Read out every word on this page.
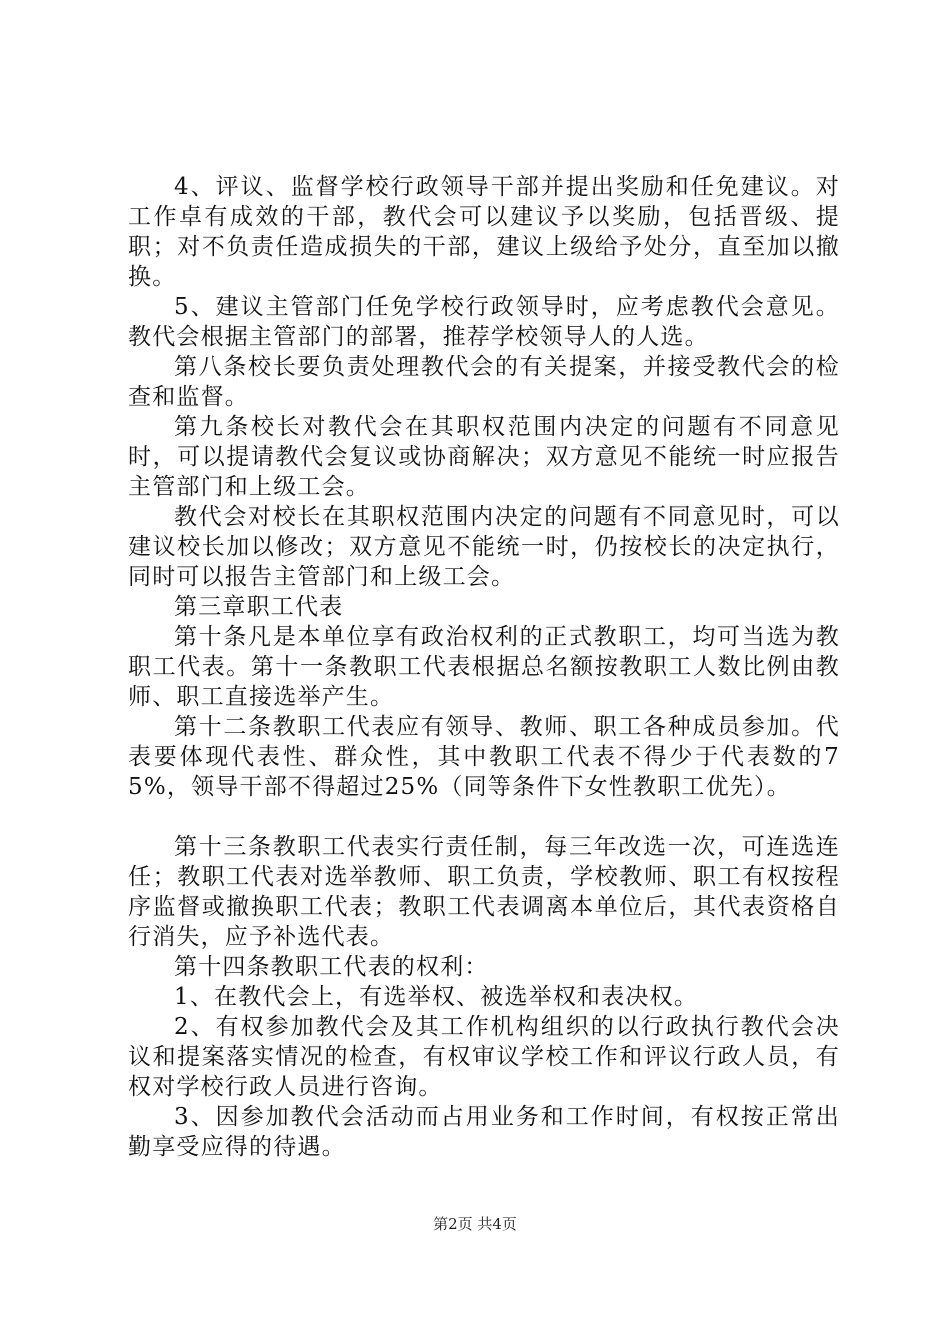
4、评议、监督学校行政领导干部并提出奖励和任免建议。对工作卓有成效的干部，教代会可以建议予以奖励，包括晋级、提职；对不负责任造成损失的干部，建议上级给予处分，直至加以撤换。

5、建议主管部门任免学校行政领导时，应考虑教代会意见。教代会根据主管部门的部署，推荐学校领导人的人选。

第八条校长要负责处理教代会的有关提案，并接受教代会的检查和监督。

第九条校长对教代会在其职权范围内决定的问题有不同意见时，可以提请教代会复议或协商解决；双方意见不能统一时应报告主管部门和上级工会。

教代会对校长在其职权范围内决定的问题有不同意见时，可以建议校长加以修改；双方意见不能统一时，仍按校长的决定执行，同时可以报告主管部门和上级工会。

第三章职工代表

第十条凡是本单位享有政治权利的正式教职工，均可当选为教职工代表。第十一条教职工代表根据总名额按教职工人数比例由教师、职工直接选举产生。

第十二条教职工代表应有领导、教师、职工各种成员参加。代表要体现代表性、群众性，其中教职工代表不得少于代表数的75%，领导干部不得超过25%（同等条件下女性教职工优先）。

第十三条教职工代表实行责任制，每三年改选一次，可连选连任；教职工代表对选举教师、职工负责，学校教师、职工有权按程序监督或撤换职工代表；教职工代表调离本单位后，其代表资格自行消失，应予补选代表。

第十四条教职工代表的权利：

1、在教代会上，有选举权、被选举权和表决权。

2、有权参加教代会及其工作机构组织的以行政执行教代会决议和提案落实情况的检查，有权审议学校工作和评议行政人员，有权对学校行政人员进行咨询。

3、因参加教代会活动而占用业务和工作时间，有权按正常出勤享受应得的待遇。

第2页 共4页
